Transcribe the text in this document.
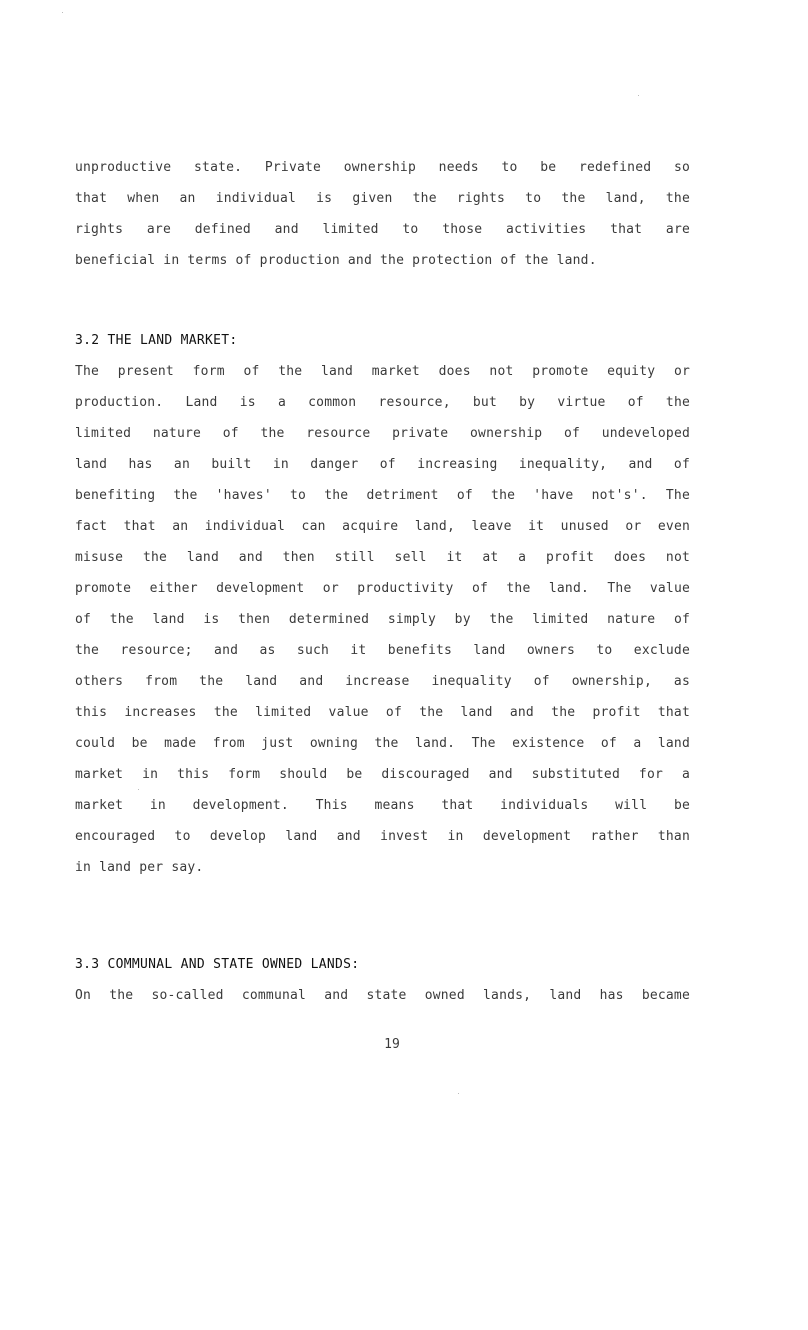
unproductive state. Private ownership needs to be redefined so
that when an individual is given the rights to the land, the
rights are defined and limited to those activities that are
beneficial in terms of production and the protection of the land.
3.2 THE LAND MARKET:
The present form of the land market does not promote equity or
production. Land is a common resource, but by virtue of the
limited nature of the resource private ownership of undeveloped
land has an built in danger of increasing inequality, and of
benefiting the 'haves' to the detriment of the 'have not's'. The
fact that an individual can acquire land, leave it unused or even
misuse the land and then still sell it at a profit does not
promote either development or productivity of the land. The value
of the land is then determined simply by the limited nature of
the resource; and as such it benefits land owners to exclude
others from the land and increase inequality of ownership, as
this increases the limited value of the land and the profit that
could be made from just owning the land. The existence of a land
market in this form should be discouraged and substituted for a
market in development. This means that individuals will be
encouraged to develop land and invest in development rather than
in land per say.
3.3 COMMUNAL AND STATE OWNED LANDS:
On the so-called communal and state owned lands, land has became
19
